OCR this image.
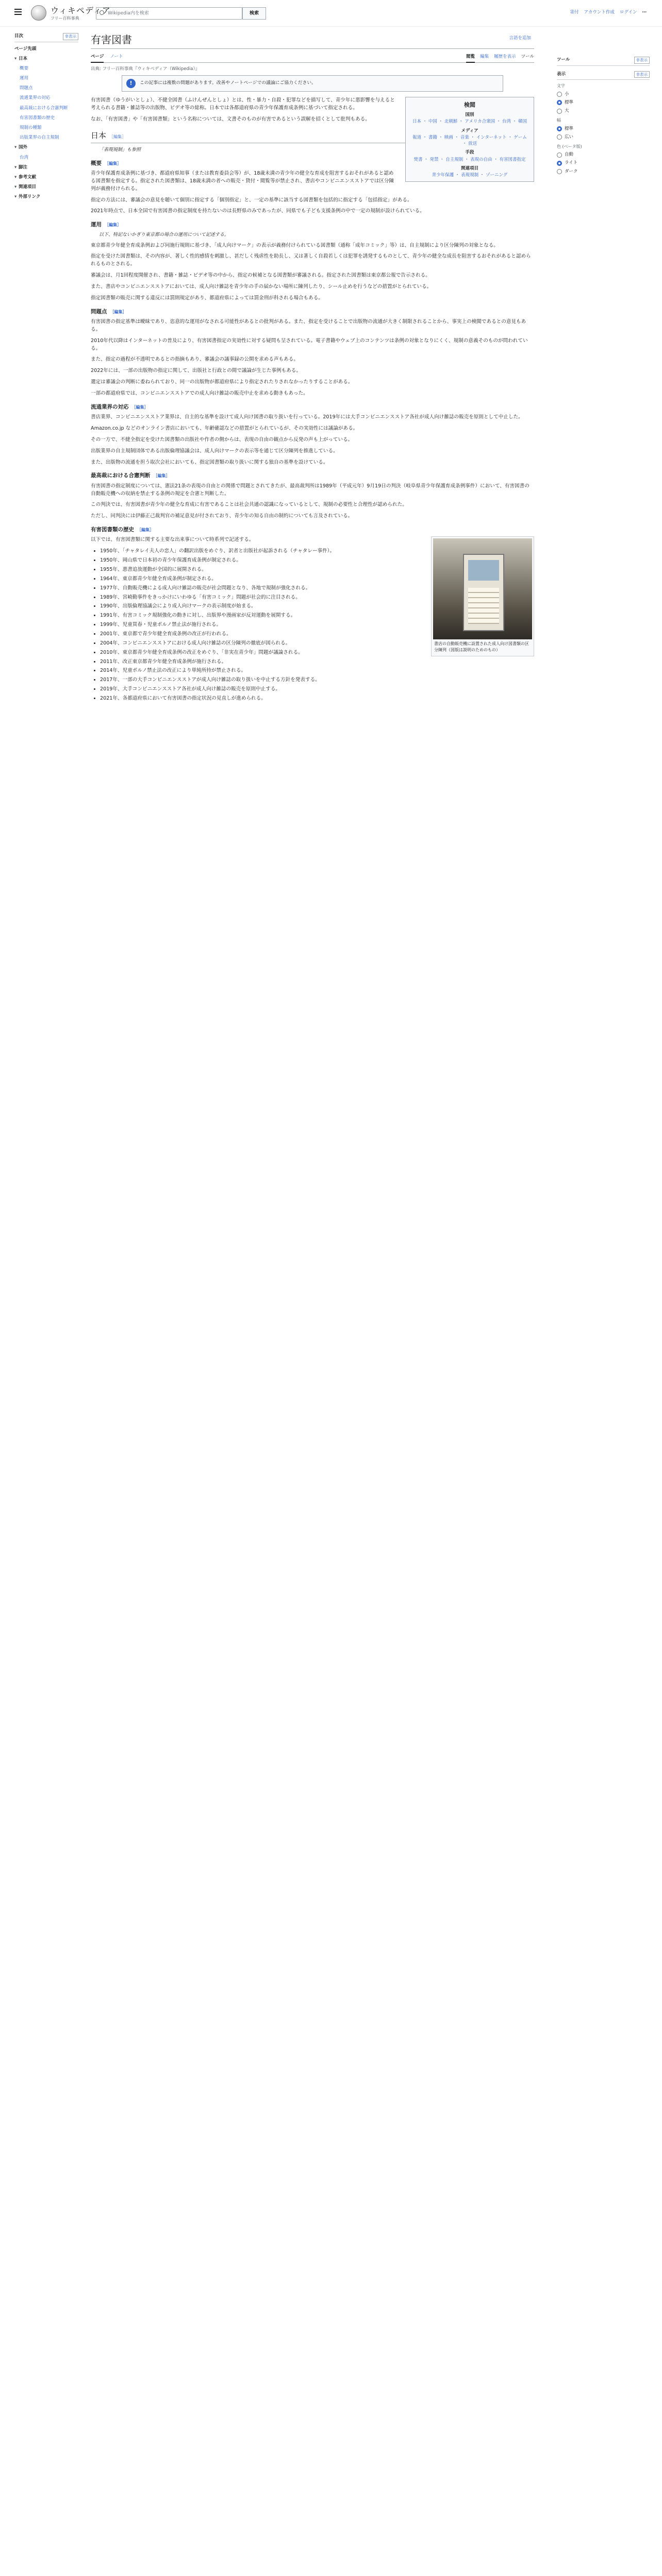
ウィキペディア
フリー百科事典
Wikipedia内を検索	検索	寄付 アカウント作成 ログイン ⋯
目次	非表示
ページ先頭
▾ 日本
概要
運用
問題点
流通業界の対応
最高裁における合憲判断
有害図書類の歴史
規制の種類
出版業界の自主規制
▾ 国外
台湾
▾ 脚注
▾ 参考文献
▾ 関連項目
▾ 外部リンク
有害図書	言語を追加
ページ ノート	閲覧 編集 履歴を表示 ツール
出典: フリー百科事典『ウィキペディア（Wikipedia）』
!	この記事には複数の問題があります。改善やノートページでの議論にご協力ください。
検閲
国別
日本 ・ 中国 ・ 北朝鮮 ・ アメリカ合衆国 ・ 台湾 ・ 韓国
メディア
報道 ・ 書籍 ・ 映画 ・ 音楽 ・ インターネット ・ ゲーム ・ 放送
手段
焚書 ・ 発禁 ・ 自主規制 ・ 表現の自由 ・ 有害図書指定
関連項目
青少年保護 ・ 表現規制 ・ ゾーニング

有害図書（ゆうがいとしょ）、不健全図書（ふけんぜんとしょ）とは、性・暴力・自殺・犯罪などを描写して、青少年に悪影響を与えると考えられる書籍・雑誌等の出版物、ビデオ等の総称。日本では各都道府県の青少年保護育成条例に基づいて指定される。

なお、「有害図書」や「有害図書類」という名称については、文書そのものが有害であるという誤解を招くとして批判もある。

日本 ［編集］
「表現規制」も参照
概要 ［編集］

青少年保護育成条例に基づき、都道府県知事（または教育委員会等）が、18歳未満の青少年の健全な育成を阻害するおそれがあると認める図書類を指定する。指定された図書類は、18歳未満の者への販売・貸付・閲覧等が禁止され、書店やコンビニエンスストアでは区分陳列が義務付けられる。

指定の方法には、審議会の意見を聴いて個別に指定する「個別指定」と、一定の基準に該当する図書類を包括的に指定する「包括指定」がある。

2021年時点で、日本全国で有害図書の指定制度を持たないのは長野県のみであったが、同県でも子ども支援条例の中で一定の規制が設けられている。

運用 ［編集］
以下、特記ないかぎり東京都の場合の運用について記述する。

東京都青少年健全育成条例および同施行規則に基づき、「成人向けマーク」の表示が義務付けられている図書類（通称「成年コミック」等）は、自主規制により区分陳列の対象となる。

指定を受けた図書類は、その内容が、著しく性的感情を刺激し、甚だしく残虐性を助長し、又は著しく自殺若しくは犯罪を誘発するものとして、青少年の健全な成長を阻害するおそれがあると認められるものとされる。

審議会は、月1回程度開催され、書籍・雑誌・ビデオ等の中から、指定の候補となる図書類が審議される。指定された図書類は東京都公報で告示される。

また、書店やコンビニエンスストアにおいては、成人向け雑誌を青少年の手の届かない場所に陳列したり、シール止めを行うなどの措置がとられている。

指定図書類の販売に関する違反には罰則規定があり、都道府県によっては罰金刑が科される場合もある。

問題点 ［編集］

有害図書の指定基準は曖昧であり、恣意的な運用がなされる可能性があるとの批判がある。また、指定を受けることで出版物の流通が大きく制限されることから、事実上の検閲であるとの意見もある。

2010年代以降はインターネットの普及により、有害図書指定の実効性に対する疑問も呈されている。電子書籍やウェブ上のコンテンツは条例の対象となりにくく、規制の意義そのものが問われている。

また、指定の過程が不透明であるとの指摘もあり、審議会の議事録の公開を求める声もある。

2022年には、一部の出版物の指定に関して、出版社と行政との間で議論が生じた事例もある。

選定は審議会の判断に委ねられており、同一の出版物が都道府県により指定されたりされなかったりすることがある。

一部の都道府県では、コンビニエンスストアでの成人向け雑誌の販売中止を求める動きもあった。

流通業界の対応 ［編集］

書店業界、コンビニエンスストア業界は、自主的な基準を設けて成人向け図書の取り扱いを行っている。2019年には大手コンビニエンスストア各社が成人向け雑誌の販売を原則として中止した。

Amazon.co.jp などのオンライン書店においても、年齢確認などの措置がとられているが、その実効性には議論がある。

その一方で、不健全指定を受けた図書類の出版社や作者の側からは、表現の自由の観点から反発の声も上がっている。

出版業界の自主規制団体である出版倫理協議会は、成人向けマークの表示等を通じて区分陳列を推進している。

また、出版物の流通を担う取次会社においても、指定図書類の取り扱いに関する独自の基準を設けている。

最高裁における合憲判断 ［編集］

有害図書の指定制度については、憲法21条の表現の自由との関係で問題とされてきたが、最高裁判所は1989年（平成元年）9月19日の判決（岐阜県青少年保護育成条例事件）において、有害図書の自動販売機への収納を禁止する条例の規定を合憲と判断した。

この判決では、有害図書が青少年の健全な育成に有害であることは社会共通の認識になっているとして、規制の必要性と合理性が認められた。

ただし、同判決には伊藤正己裁判官の補足意見が付されており、青少年の知る自由の制約についても言及されている。

有害図書類の歴史 ［編集］
書店の自動販売機に設置された成人向け図書類の区分陳列（図版は説明のためのもの）

以下では、有害図書類に関する主要な出来事について時系列で記述する。

• 1950年、「チャタレイ夫人の恋人」の翻訳出版をめぐり、訳者と出版社が起訴される（チャタレー事件）。
• 1950年、岡山県で日本初の青少年保護育成条例が制定される。
• 1955年、悪書追放運動が全国的に展開される。
• 1964年、東京都青少年健全育成条例が制定される。
• 1977年、自動販売機による成人向け雑誌の販売が社会問題となり、各地で規制が強化される。
• 1989年、宮崎勤事件をきっかけにいわゆる「有害コミック」問題が社会的に注目される。
• 1990年、出版倫理協議会により成人向けマークの表示制度が始まる。
• 1991年、有害コミック規制強化の動きに対し、出版界や漫画家が反対運動を展開する。
• 1999年、児童買春・児童ポルノ禁止法が施行される。
• 2001年、東京都で青少年健全育成条例の改正が行われる。
• 2004年、コンビニエンスストアにおける成人向け雑誌の区分陳列の徹底が図られる。
• 2010年、東京都青少年健全育成条例の改正をめぐり、「非実在青少年」問題が議論される。
• 2011年、改正東京都青少年健全育成条例が施行される。
• 2014年、児童ポルノ禁止法の改正により単純所持が禁止される。
• 2017年、一部の大手コンビニエンスストアが成人向け雑誌の取り扱いを中止する方針を発表する。
• 2019年、大手コンビニエンスストア各社が成人向け雑誌の販売を原則中止する。
• 2021年、各都道府県において有害図書の指定状況の見直しが進められる。
ツール	非表示
表示	非表示
文字
小
標準
大
幅
標準
広い
色 (ベータ版)
自動
ライト
ダーク
